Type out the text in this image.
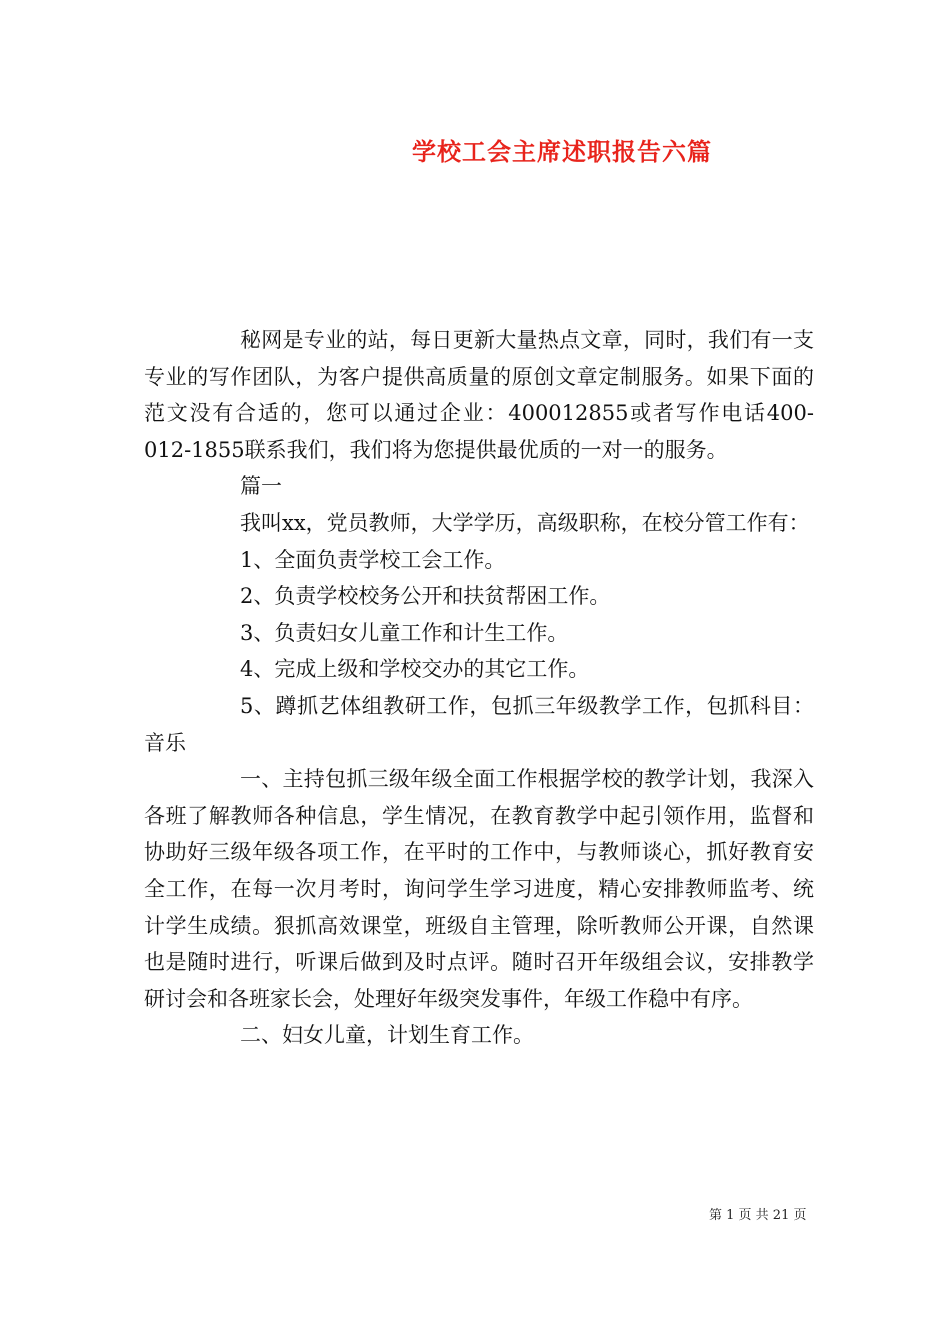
学校工会主席述职报告六篇

秘网是专业的站，每日更新大量热点文章，同时，我们有一支专业的写作团队，为客户提供高质量的原创文章定制服务。如果下面的范文没有合适的，您可以通过企业：400012855或者写作电话400-012-1855联系我们，我们将为您提供最优质的一对一的服务。

篇一

我叫xx，党员教师，大学学历，高级职称，在校分管工作有：

1、全面负责学校工会工作。

2、负责学校校务公开和扶贫帮困工作。

3、负责妇女儿童工作和计生工作。

4、完成上级和学校交办的其它工作。

5、蹲抓艺体组教研工作，包抓三年级教学工作，包抓科目：音乐

一、主持包抓三级年级全面工作根据学校的教学计划，我深入各班了解教师各种信息，学生情况，在教育教学中起引领作用，监督和协助好三级年级各项工作，在平时的工作中，与教师谈心，抓好教育安全工作，在每一次月考时，询问学生学习进度，精心安排教师监考、统计学生成绩。狠抓高效课堂，班级自主管理，除听教师公开课，自然课也是随时进行，听课后做到及时点评。随时召开年级组会议，安排教学研讨会和各班家长会，处理好年级突发事件，年级工作稳中有序。

二、妇女儿童，计划生育工作。

第 1 页 共 21 页
